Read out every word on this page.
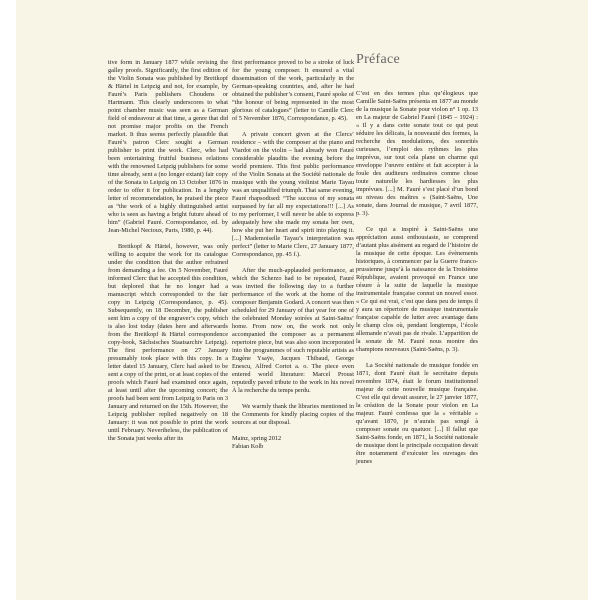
tive form in January 1877 while revising the galley proofs. Significantly, the first edition of the Violin Sonata was published by Breitkopf & Härtel in Leipzig and not, for example, by Fauré’s Paris publishers Choudens or Hartmann. This clearly underscores to what point chamber music was seen as a German field of endeavour at that time, a genre that did not promise major profits on the French market. It thus seems perfectly plausible that Fauré’s patron Clerc sought a German publisher to print the work. Clerc, who had been entertaining fruitful business relations with the renowned Leipzig publishers for some time already, sent a (no longer extant) fair copy of the Sonata to Leipzig on 13 October 1876 in order to offer it for publication. In a lengthy letter of recommendation, he praised the piece as “the work of a highly distinguished artist who is seen as having a bright future ahead of him” (Gabriel Fauré. Correspondance, ed. by Jean-Michel Nectoux, Paris, 1980, p. 44).

Breitkopf & Härtel, however, was only willing to acquire the work for its catalogue under the condition that the author refrained from demanding a fee. On 5 November, Fauré informed Clerc that he accepted this condition, but deplored that he no longer had a manuscript which corresponded to the fair copy in Leipzig (Correspondance, p. 45). Subsequently, on 18 December, the publisher sent him a copy of the engraver’s copy, which is also lost today (dates here and afterwards from the Breitkopf & Härtel correspondence copy-book, Sächsisches Staatsarchiv Leipzig). The first performance on 27 January presumably took place with this copy. In a letter dated 15 January, Clerc had asked to be sent a copy of the print, or at least copies of the proofs which Fauré had examined once again, at least until after the upcoming concert; the proofs had been sent from Leipzig to Paris on 3 January and returned on the 15th. However, the Leipzig publisher replied negatively on 18 January: it was not possible to print the work until February. Nevertheless, the publication of the Sonata just weeks after its

first performance proved to be a stroke of luck for the young composer. It ensured a vital dissemination of the work, particularly in the German-speaking countries, and, after he had obtained the publisher’s consent, Fauré spoke of “the honour of being represented in the most glorious of catalogues” (letter to Camille Clerc of 5 November 1876, Correspondance, p. 45).

A private concert given at the Clercs’ residence – with the composer at the piano and Viardot on the violin – had already won Fauré considerable plaudits the evening before the world premiere. This first public performance of the Violin Sonata at the Société nationale de musique with the young violinist Marie Tayau was an unqualified triumph. That same evening, Fauré rhapsodised: “The success of my sonata surpassed by far all my expectations!!! [...] As to my performer, I will never be able to express adequately how she made my sonata her own, how she put her heart and spirit into playing it. [...] Mademoiselle Tayau’s interpretation was perfect” (letter to Marie Clerc, 27 January 1877, Correspondance, pp. 45 f.).

After the much-applauded performance, at which the Scherzo had to be repeated, Fauré was invited the following day to a further performance of the work at the home of the composer Benjamin Godard. A concert was then scheduled for 29 January of that year for one of the celebrated Monday soirées at Saint-Saëns’ home. From now on, the work not only accompanied the composer as a permanent repertoire piece, but was also soon incorporated into the programmes of such reputable artists as Eugène Ysaÿe, Jacques Thibaud, George Enescu, Alfred Cortot a. o. The piece even entered world literature: Marcel Proust reputedly paved tribute to the work in his novel À la recherche du temps perdu.

We warmly thank the libraries mentioned in the Comments for kindly placing copies of the sources at our disposal.

Mainz, spring 2012
Fabian Kolb
Préface

C’est en des termes plus qu’élogieux que Camille Saint-Saëns présenta en 1877 au monde de la musique la Sonate pour violon n° 1 op. 13 en La majeur de Gabriel Fauré (1845 – 1924) : « Il y a dans cette sonate tout ce qui peut séduire les délicats, la nouveauté des formes, la recherche des modulations, des sonorités curieuses, l’emploi des rythmes les plus imprévus, sur tout cela plane un charme qui enveloppe l’œuvre entière et fait accepter à la foule des auditeurs ordinaires comme chose toute naturelle les hardiesses les plus imprévues. [...] M. Fauré s’est placé d’un bond au niveau des maîtres » (Saint-Saëns, Une sonate, dans Journal de musique, 7 avril 1877, p. 3).

Ce qui a inspiré à Saint-Saëns une appréciation aussi enthousiaste, se comprend d’autant plus aisément au regard de l’histoire de la musique de cette époque. Les évènements historiques, à commencer par la Guerre franco-prussienne jusqu’à la naissance de la Troisième République, avaient provoqué en France une césure à la suite de laquelle la musique instrumentale française connut un nouvel essor. « Ce qui est vrai, c’est que dans peu de temps il y aura un répertoire de musique instrumentale française capable de lutter avec avantage dans le champ clos où, pendant longtemps, l’école allemande n’avait pas de rivale. L’apparition de la sonate de M. Fauré nous montre des champions nouveaux (Saint-Saëns, p. 3).

La Société nationale de musique fondée en 1871, dont Fauré était le secrétaire depuis novembre 1874, était le forum institutionnel majeur de cette nouvelle musique française. C’est elle qui devait assurer, le 27 janvier 1877, la création de la Sonate pour violon en La majeur. Fauré confessa que la « véritable » qu’avant 1870, je n’aurais pas songé à composer sonate ou quatuor. [...] Il fallut que Saint-Saëns fonde, en 1871, la Société nationale de musique dont le principale occupation devait être notamment d’exécuter les ouvrages des jeunes
